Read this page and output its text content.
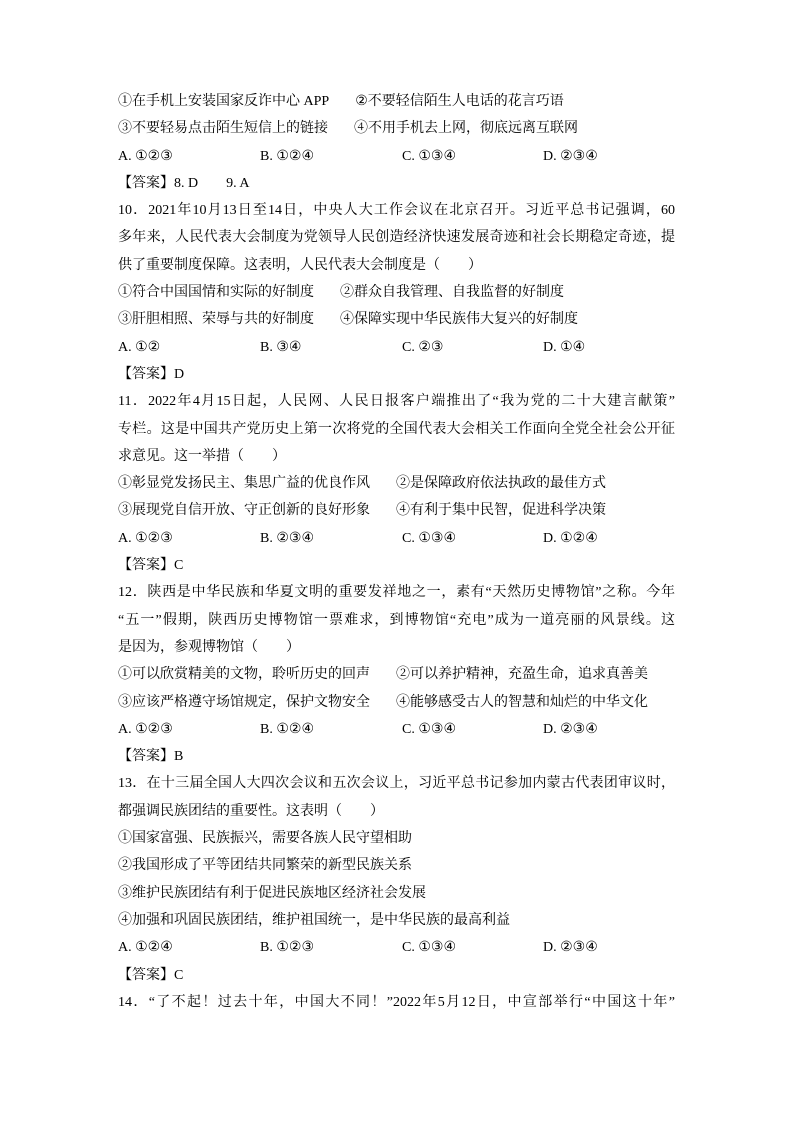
①在手机上安装国家反诈中心 APP ②不要轻信陌生人电话的花言巧语
③不要轻易点击陌生短信上的链接 ④不用手机去上网，彻底远离互联网
A. ①②③	B. ①②④	C. ①③④	D. ②③④
【答案】8. D　　9. A
10．2021年10月13日至14日，中央人大工作会议在北京召开。习近平总书记强调，60
多年来，人民代表大会制度为党领导人民创造经济快速发展奇迹和社会长期稳定奇迹，提
供了重要制度保障。这表明，人民代表大会制度是（　　）
①符合中国国情和实际的好制度 ②群众自我管理、自我监督的好制度
③肝胆相照、荣辱与共的好制度 ④保障实现中华民族伟大复兴的好制度
A. ①②	B. ③④	C. ②③	D. ①④
【答案】D
11．2022年4月15日起，人民网、人民日报客户端推出了“我为党的二十大建言献策”
专栏。这是中国共产党历史上第一次将党的全国代表大会相关工作面向全党全社会公开征
求意见。这一举措（　　）
①彰显党发扬民主、集思广益的优良作风 ②是保障政府依法执政的最佳方式
③展现党自信开放、守正创新的良好形象 ④有利于集中民智，促进科学决策
A. ①②③	B. ②③④	C. ①③④	D. ①②④
【答案】C
12．陕西是中华民族和华夏文明的重要发祥地之一，素有“天然历史博物馆”之称。今年
“五一”假期，陕西历史博物馆一票难求，到博物馆“充电”成为一道亮丽的风景线。这
是因为，参观博物馆（　　）
①可以欣赏精美的文物，聆听历史的回声 ②可以养护精神，充盈生命，追求真善美
③应该严格遵守场馆规定，保护文物安全 ④能够感受古人的智慧和灿烂的中华文化
A. ①②③	B. ①②④	C. ①③④	D. ②③④
【答案】B
13．在十三届全国人大四次会议和五次会议上，习近平总书记参加内蒙古代表团审议时，
都强调民族团结的重要性。这表明（　　）
①国家富强、民族振兴，需要各族人民守望相助
②我国形成了平等团结共同繁荣的新型民族关系
③维护民族团结有利于促进民族地区经济社会发展
④加强和巩固民族团结，维护祖国统一，是中华民族的最高利益
A. ①②④	B. ①②③	C. ①③④	D. ②③④
【答案】C
14．“了不起！过去十年，中国大不同！”2022年5月12日，中宣部举行“中国这十年”
